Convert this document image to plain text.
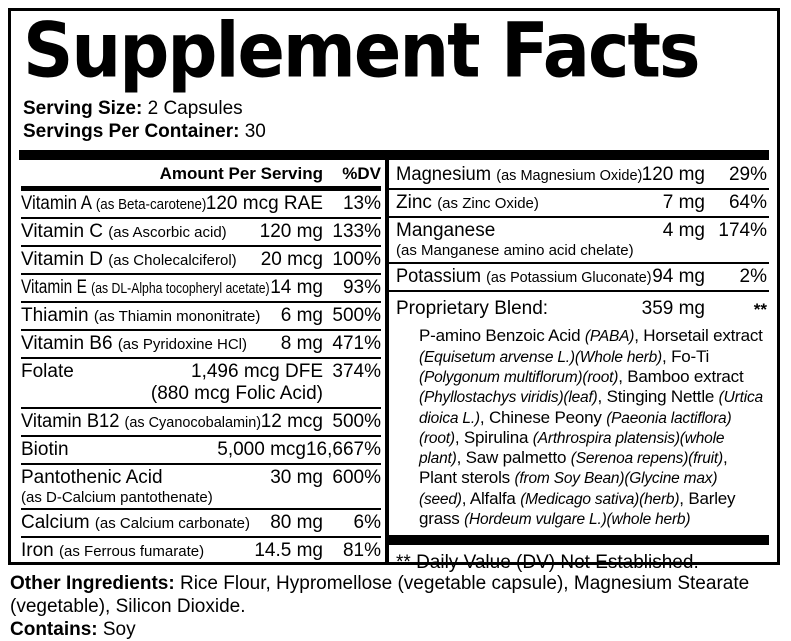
Supplement Facts
Serving Size: 2 Capsules
Servings Per Container: 30
Amount Per Serving	%DV
Vitamin A (as Beta-carotene) 120 mcg RAE	13%
Vitamin C (as Ascorbic acid)	120 mg 133%
Vitamin D (as Cholecalciferol)	20 mcg 100%
Vitamin E (as DL-Alpha tocopheryl acetate) 14 mg	93%
Thiamin (as Thiamin mononitrate)	6 mg 500%
Vitamin B6 (as Pyridoxine HCl)	8 mg 471%
Folate	1,496 mcg DFE 374%
(880 mcg Folic Acid)
Vitamin B12 (as Cyanocobalamin) 12 mcg 500%
Biotin	5,000 mcg 16,667%
Pantothenic Acid	30 mg 600%
(as D-Calcium pantothenate)
Calcium (as Calcium carbonate)	80 mg	6%
Iron (as Ferrous fumarate)	14.5 mg	81%
Magnesium (as Magnesium Oxide) 120 mg	29%
Zinc (as Zinc Oxide)	7 mg	64%
Manganese	4 mg 174%
(as Manganese amino acid chelate)
Potassium (as Potassium Gluconate) 94 mg	2%
Proprietary Blend:	359 mg	**
P-amino Benzoic Acid (PABA), Horsetail extract (Equisetum arvense L.)(Whole herb), Fo-Ti (Polygonum multiflorum)(root), Bamboo extract (Phyllostachys viridis)(leaf), Stinging Nettle (Urtica dioica L.), Chinese Peony (Paeonia lactiflora)(root), Spirulina (Arthrospira platensis)(whole plant), Saw palmetto (Serenoa repens)(fruit), Plant sterols (from Soy Bean)(Glycine max)(seed), Alfalfa (Medicago sativa)(herb), Barley grass (Hordeum vulgare L.)(whole herb)
** Daily Value (DV) Not Established.
Other Ingredients: Rice Flour, Hypromellose (vegetable capsule), Magnesium Stearate (vegetable), Silicon Dioxide.
Contains: Soy
